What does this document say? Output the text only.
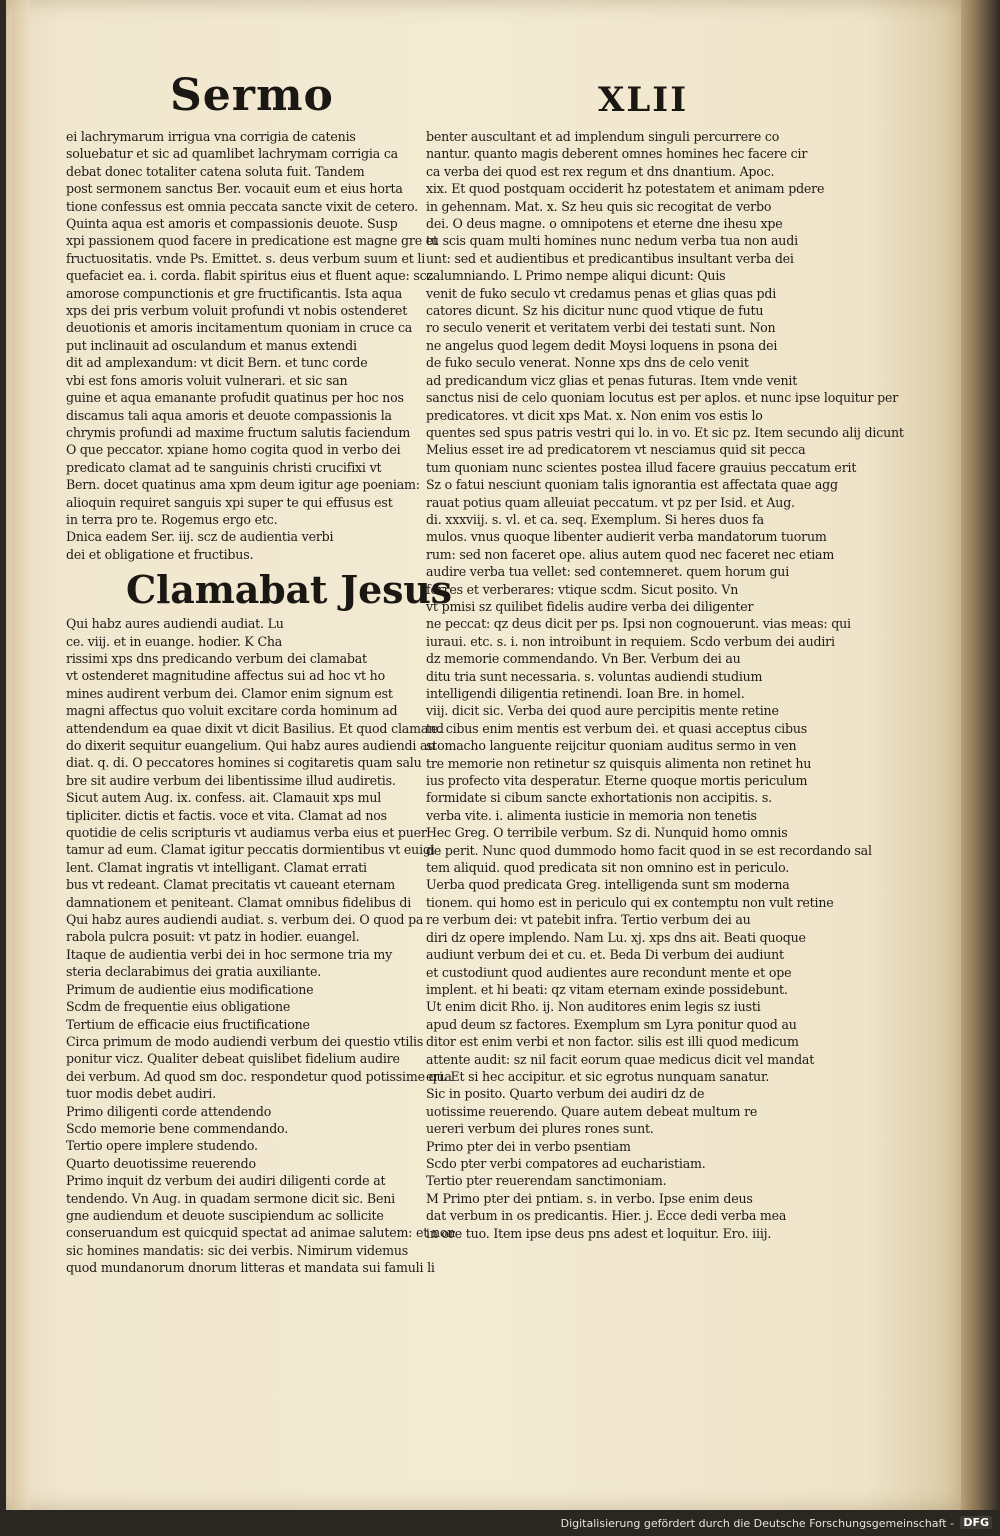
Sermo	XLII
ei lachrymarum irrigua vna corrigia de catenis
soluebatur et sic ad quamlibet lachrymam corrigia ca
debat donec totaliter catena soluta fuit. Tandem
post sermonem sanctus Ber. vocauit eum et eius horta
tione confessus est omnia peccata sancte vixit de cetero.
Quinta aqua est amoris et compassionis deuote. Susp
xpi passionem quod facere in predicatione est magne gre et
fructuositatis. vnde Ps. Emittet. s. deus verbum suum et li
quefaciet ea. i. corda. flabit spiritus eius et fluent aque: scz
amorose compunctionis et gre fructificantis. Ista aqua
xps dei pris verbum voluit profundi vt nobis ostenderet
deuotionis et amoris incitamentum quoniam in cruce ca
put inclinauit ad osculandum et manus extendi
dit ad amplexandum: vt dicit Bern. et tunc corde
vbi est fons amoris voluit vulnerari. et sic san
guine et aqua emanante profudit quatinus per hoc nos
discamus tali aqua amoris et deuote compassionis la
chrymis profundi ad maxime fructum salutis faciendum
O que peccator. xpiane homo cogita quod in verbo dei
predicato clamat ad te sanguinis christi crucifixi vt
Bern. docet quatinus ama xpm deum igitur age poeniam:
alioquin requiret sanguis xpi super te qui effusus est
in terra pro te. Rogemus ergo etc.
Dnica eadem Ser. iij. scz de audientia verbi
dei et obligatione et fructibus.
Clamabat Jesus
Qui habz aures audiendi audiat. Lu
ce. viij. et in euange. hodier. K Cha
rissimi xps dns predicando verbum dei clamabat
vt ostenderet magnitudine affectus sui ad hoc vt ho
mines audirent verbum dei. Clamor enim signum est
magni affectus quo voluit excitare corda hominum ad
attendendum ea quae dixit vt dicit Basilius. Et quod clamand
do dixerit sequitur euangelium. Qui habz aures audiendi au
diat. q. di. O peccatores homines si cogitaretis quam salu
bre sit audire verbum dei libentissime illud audiretis.
Sicut autem Aug. ix. confess. ait. Clamauit xps mul
tipliciter. dictis et factis. voce et vita. Clamat ad nos
quotidie de celis scripturis vt audiamus verba eius et puer
tamur ad eum. Clamat igitur peccatis dormientibus vt euigi
lent. Clamat ingratis vt intelligant. Clamat errati
bus vt redeant. Clamat precitatis vt caueant eternam
damnationem et peniteant. Clamat omnibus fidelibus di
Qui habz aures audiendi audiat. s. verbum dei. O quod pa
rabola pulcra posuit: vt patz in hodier. euangel.
Itaque de audientia verbi dei in hoc sermone tria my
steria declarabimus dei gratia auxiliante.
Primum de audientie eius modificatione
Scdm de frequentie eius obligatione
Tertium de efficacie eius fructificatione
Circa primum de modo audiendi verbum dei questio vtilis
ponitur vicz. Qualiter debeat quislibet fidelium audire
dei verbum. Ad quod sm doc. respondetur quod potissime qua
tuor modis debet audiri.
Primo diligenti corde attendendo
Scdo memorie bene commendando.
Tertio opere implere studendo.
Quarto deuotissime reuerendo
Primo inquit dz verbum dei audiri diligenti corde at
tendendo. Vn Aug. in quadam sermone dicit sic. Beni
gne audiendum et deuote suscipiendum ac sollicite
conseruandum est quicquid spectat ad animae salutem: et non
sic homines mandatis: sic dei verbis. Nimirum videmus
quod mundanorum dnorum litteras et mandata sui famuli li
benter auscultant et ad implendum singuli percurrere co
nantur. quanto magis deberent omnes homines hec facere cir
ca verba dei quod est rex regum et dns dnantium. Apoc.
xix. Et quod postquam occiderit hz potestatem et animam pdere
in gehennam. Mat. x. Sz heu quis sic recogitat de verbo
dei. O deus magne. o omnipotens et eterne dne ihesu xpe
tu scis quam multi homines nunc nedum verba tua non audi
unt: sed et audientibus et predicantibus insultant verba dei
calumniando. L Primo nempe aliqui dicunt: Quis
venit de fuko seculo vt credamus penas et glias quas pdi
catores dicunt. Sz his dicitur nunc quod vtique de futu
ro seculo venerit et veritatem verbi dei testati sunt. Non
ne angelus quod legem dedit Moysi loquens in psona dei
de fuko seculo venerat. Nonne xps dns de celo venit
ad predicandum vicz glias et penas futuras. Item vnde venit
sanctus nisi de celo quoniam locutus est per aplos. et nunc ipse loquitur per
predicatores. vt dicit xps Mat. x. Non enim vos estis lo
quentes sed spus patris vestri qui lo. in vo. Et sic pz. Item secundo alij dicunt
Melius esset ire ad predicatorem vt nesciamus quid sit pecca
tum quoniam nunc scientes postea illud facere grauius peccatum erit
Sz o fatui nesciunt quoniam talis ignorantia est affectata quae agg
rauat potius quam alleuiat peccatum. vt pz per Isid. et Aug.
di. xxxviij. s. vl. et ca. seq. Exemplum. Si heres duos fa
mulos. vnus quoque libenter audierit verba mandatorum tuorum
rum: sed non faceret ope. alius autem quod nec faceret nec etiam
audire verba tua vellet: sed contemneret. quem horum gui
ferres et verberares: vtique scdm. Sicut posito. Vn
vt pmisi sz quilibet fidelis audire verba dei diligenter
ne peccat: qz deus dicit per ps. Ipsi non cognouerunt. vias meas: qui
iuraui. etc. s. i. non introibunt in requiem. Scdo verbum dei audiri
dz memorie commendando. Vn Ber. Verbum dei au
ditu tria sunt necessaria. s. voluntas audiendi studium
intelligendi diligentia retinendi. Ioan Bre. in homel.
viij. dicit sic. Verba dei quod aure percipitis mente retine
te. cibus enim mentis est verbum dei. et quasi acceptus cibus
stomacho languente reijcitur quoniam auditus sermo in ven
tre memorie non retinetur sz quisquis alimenta non retinet hu
ius profecto vita desperatur. Eterne quoque mortis periculum
formidate si cibum sancte exhortationis non accipitis. s.
verba vite. i. alimenta iusticie in memoria non tenetis
Hec Greg. O terribile verbum. Sz di. Nunquid homo omnis
de perit. Nunc quod dummodo homo facit quod in se est recordando sal
tem aliquid. quod predicata sit non omnino est in periculo.
Uerba quod predicata Greg. intelligenda sunt sm moderna
tionem. qui homo est in periculo qui ex contemptu non vult retine
re verbum dei: vt patebit infra. Tertio verbum dei au
diri dz opere implendo. Nam Lu. xj. xps dns ait. Beati quoque
audiunt verbum dei et cu. et. Beda Di verbum dei audiunt
et custodiunt quod audientes aure recondunt mente et ope
implent. et hi beati: qz vitam eternam exinde possidebunt.
Ut enim dicit Rho. ij. Non auditores enim legis sz iusti
apud deum sz factores. Exemplum sm Lyra ponitur quod au
ditor est enim verbi et non factor. silis est illi quod medicum
attente audit: sz nil facit eorum quae medicus dicit vel mandat
eri. Et si hec accipitur. et sic egrotus nunquam sanatur.
Sic in posito. Quarto verbum dei audiri dz de
uotissime reuerendo. Quare autem debeat multum re
uereri verbum dei plures rones sunt.
Primo pter dei in verbo psentiam
Scdo pter verbi compatores ad eucharistiam.
Tertio pter reuerendam sanctimoniam.
M Primo pter dei pntiam. s. in verbo. Ipse enim deus
dat verbum in os predicantis. Hier. j. Ecce dedi verba mea
in ore tuo. Item ipse deus pns adest et loquitur. Ero. iiij.
Digitalisierung gefördert durch die Deutsche Forschungsgemeinschaft - DFG
